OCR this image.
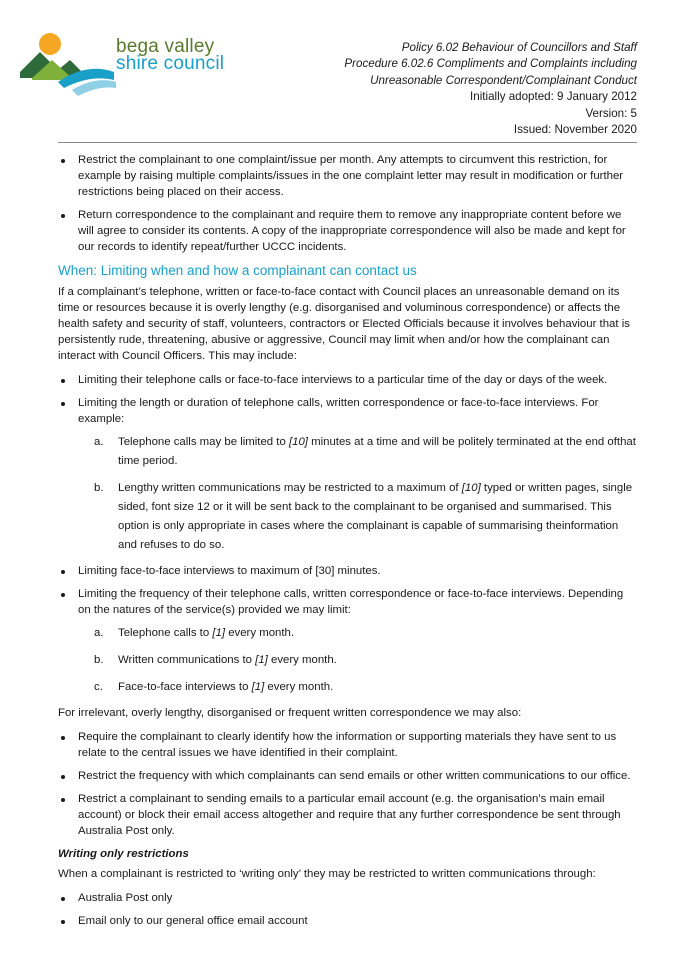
bega valley
shire council
Policy 6.02 Behaviour of Councillors and Staff
Procedure 6.02.6 Compliments and Complaints including
Unreasonable Correspondent/Complainant Conduct
Initially adopted: 9 January 2012
Version: 5
Issued: November 2020
Restrict the complainant to one complaint/issue per month. Any attempts to circumvent this restriction, for example by raising multiple complaints/issues in the one complaint letter may result in modification or further restrictions being placed on their access.
Return correspondence to the complainant and require them to remove any inappropriate content before we will agree to consider its contents. A copy of the inappropriate correspondence will also be made and kept for our records to identify repeat/further UCCC incidents.
When: Limiting when and how a complainant can contact us

If a complainant’s telephone, written or face-to-face contact with Council places an unreasonable demand on its time or resources because it is overly lengthy (e.g. disorganised and voluminous correspondence) or affects the health safety and security of staff, volunteers, contractors or Elected Officials because it involves behaviour that is persistently rude, threatening, abusive or aggressive, Council may limit when and/or how the complainant can interact with Council Officers. This may include:

Limiting their telephone calls or face-to-face interviews to a particular time of the day or days of the week.
Limiting the length or duration of telephone calls, written correspondence or face-to-face interviews. For example:
a. Telephone calls may be limited to [10] minutes at a time and will be politely terminated at the end ofthat time period.
b. Lengthy written communications may be restricted to a maximum of [10] typed or written pages, single sided, font size 12 or it will be sent back to the complainant to be organised and summarised. This option is only appropriate in cases where the complainant is capable of summarising theinformation and refuses to do so.
Limiting face-to-face interviews to maximum of [30] minutes.
Limiting the frequency of their telephone calls, written correspondence or face-to-face interviews. Depending on the natures of the service(s) provided we may limit:
a. Telephone calls to [1] every month.
b. Written communications to [1] every month.
c. Face-to-face interviews to [1] every month.

For irrelevant, overly lengthy, disorganised or frequent written correspondence we may also:

Require the complainant to clearly identify how the information or supporting materials they have sent to us relate to the central issues we have identified in their complaint.
Restrict the frequency with which complainants can send emails or other written communications to our office.
Restrict a complainant to sending emails to a particular email account (e.g. the organisation’s main email account) or block their email access altogether and require that any further correspondence be sent through Australia Post only.
Writing only restrictions

When a complainant is restricted to ‘writing only’ they may be restricted to written communications through:

Australia Post only
Email only to our general office email account
